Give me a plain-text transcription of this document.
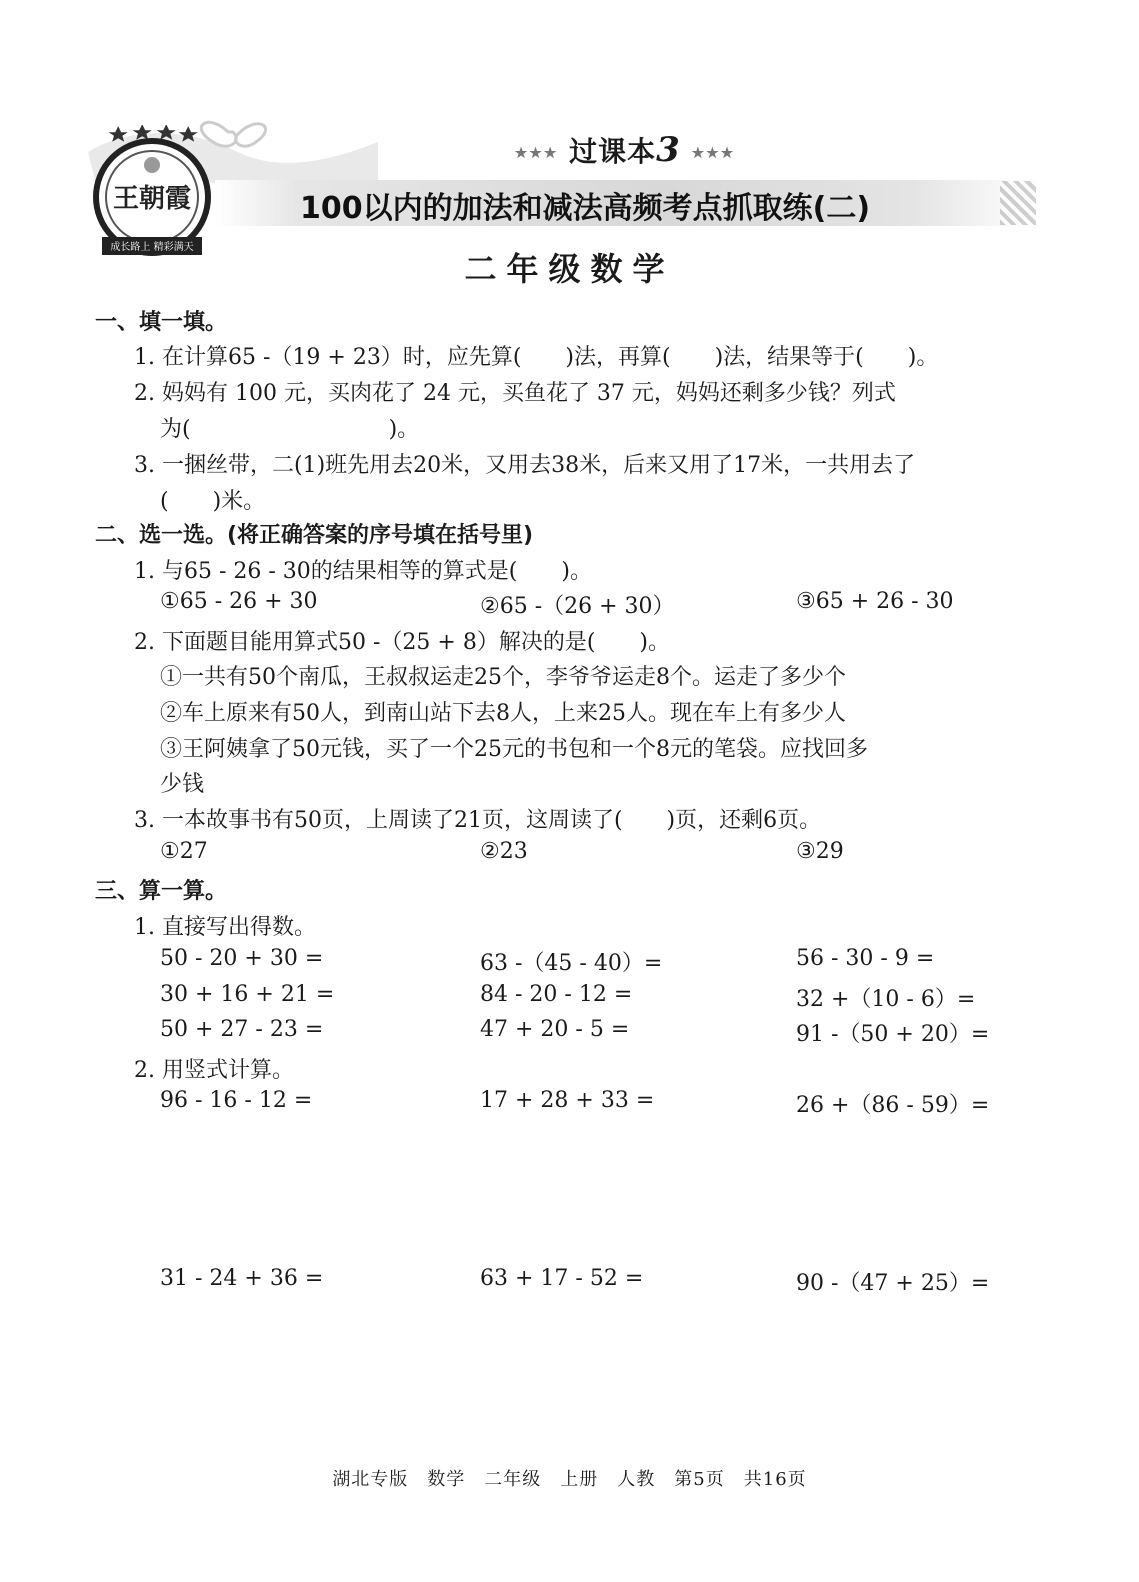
王朝霞
成长路上 精彩满天
★★★ 过课本3 ★★★
100以内的加法和减法高频考点抓取练(二)
二年级数学
一、填一填。
1. 在计算65 -（19 + 23）时，应先算(　　)法，再算(　　)法，结果等于(　　)。
2. 妈妈有 100 元，买肉花了 24 元，买鱼花了 37 元，妈妈还剩多少钱？列式
为(　　　　　　　　　)。
3. 一捆丝带，二(1)班先用去20米，又用去38米，后来又用了17米，一共用去了
(　　)米。
二、选一选。(将正确答案的序号填在括号里)
1. 与65 - 26 - 30的结果相等的算式是(　　)。
①65 - 26 + 30	②65 -（26 + 30）	③65 + 26 - 30
2. 下面题目能用算式50 -（25 + 8）解决的是(　　)。
①一共有50个南瓜，王叔叔运走25个，李爷爷运走8个。运走了多少个
②车上原来有50人，到南山站下去8人，上来25人。现在车上有多少人
③王阿姨拿了50元钱，买了一个25元的书包和一个8元的笔袋。应找回多
少钱
3. 一本故事书有50页，上周读了21页，这周读了(　　)页，还剩6页。
①27	②23	③29
三、算一算。
1. 直接写出得数。
50 - 20 + 30 =	63 -（45 - 40）=	56 - 30 - 9 =
30 + 16 + 21 =	84 - 20 - 12 =	32 +（10 - 6）=
50 + 27 - 23 =	47 + 20 - 5 =	91 -（50 + 20）=
2. 用竖式计算。
96 - 16 - 12 =	17 + 28 + 33 =	26 +（86 - 59）=
31 - 24 + 36 =	63 + 17 - 52 =	90 -（47 + 25）=
湖北专版　数学　二年级　上册　人教　第5页　共16页
